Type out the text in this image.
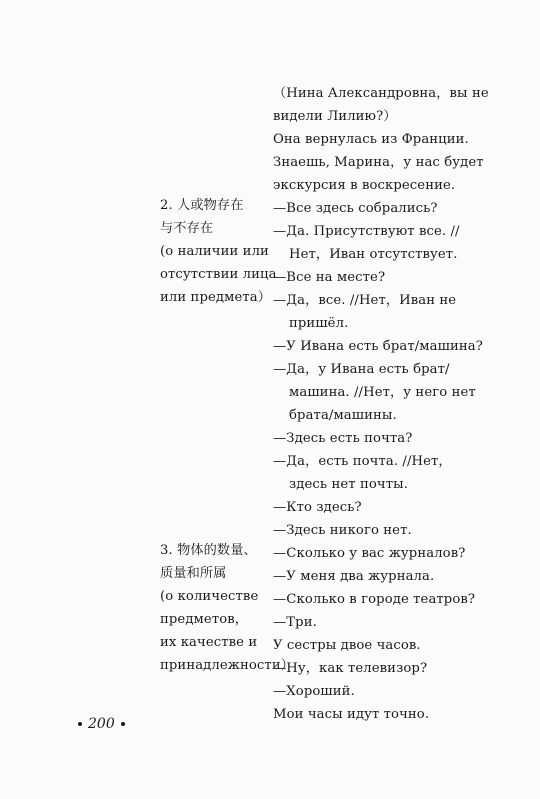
（Нина Александровна，вы не
видели Лилию?）
Она вернулась из Франции.
Знаешь, Марина，у нас будет
экскурсия в воскресение.
2. 人或物存在
与不存在
(о наличии или
отсутствии лица
или предмета）
—Все здесь собрались?
—Да. Присутствуют все. //
Нет，Иван отсутствует.
—Все на месте?
—Да，все. //Нет，Иван не
пришёл.
—У Ивана есть брат/машина?
—Да，у Ивана есть брат/
машина. //Нет，у него нет
брата/машины.
—Здесь есть почта?
—Да，есть почта. //Нет，
здесь нет почты.
—Кто здесь?
—Здесь никого нет.
3. 物体的数量、
质量和所属
(о количестве
предметов，
их качестве и
принадлежности）
—Сколько у вас журналов?
—У меня два журнала.
—Сколько в городе театров?
—Три.
У сестры двое часов.
—Ну，как телевизор?
—Хороший.
Мои часы идут точно.
200
